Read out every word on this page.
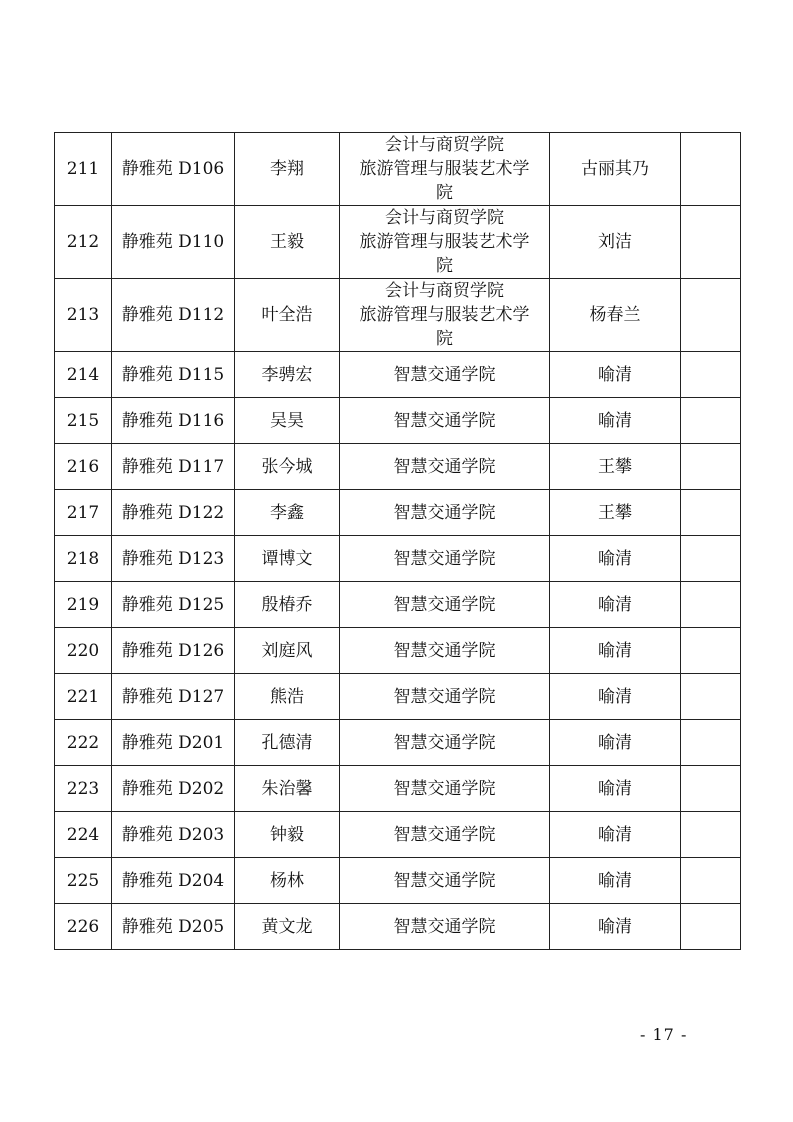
211	静雅苑 D106	李翔	会计与商贸学院
旅游管理与服装艺术学
院	古丽其乃	
212	静雅苑 D110	王毅	会计与商贸学院
旅游管理与服装艺术学
院	刘洁	
213	静雅苑 D112	叶全浩	会计与商贸学院
旅游管理与服装艺术学
院	杨春兰	
214	静雅苑 D115	李骋宏	智慧交通学院	喻清	
215	静雅苑 D116	吴昊	智慧交通学院	喻清	
216	静雅苑 D117	张今城	智慧交通学院	王攀	
217	静雅苑 D122	李鑫	智慧交通学院	王攀	
218	静雅苑 D123	谭博文	智慧交通学院	喻清	
219	静雅苑 D125	殷椿乔	智慧交通学院	喻清	
220	静雅苑 D126	刘庭风	智慧交通学院	喻清	
221	静雅苑 D127	熊浩	智慧交通学院	喻清	
222	静雅苑 D201	孔德清	智慧交通学院	喻清	
223	静雅苑 D202	朱治馨	智慧交通学院	喻清	
224	静雅苑 D203	钟毅	智慧交通学院	喻清	
225	静雅苑 D204	杨林	智慧交通学院	喻清	
226	静雅苑 D205	黄文龙	智慧交通学院	喻清	
- 17 -
